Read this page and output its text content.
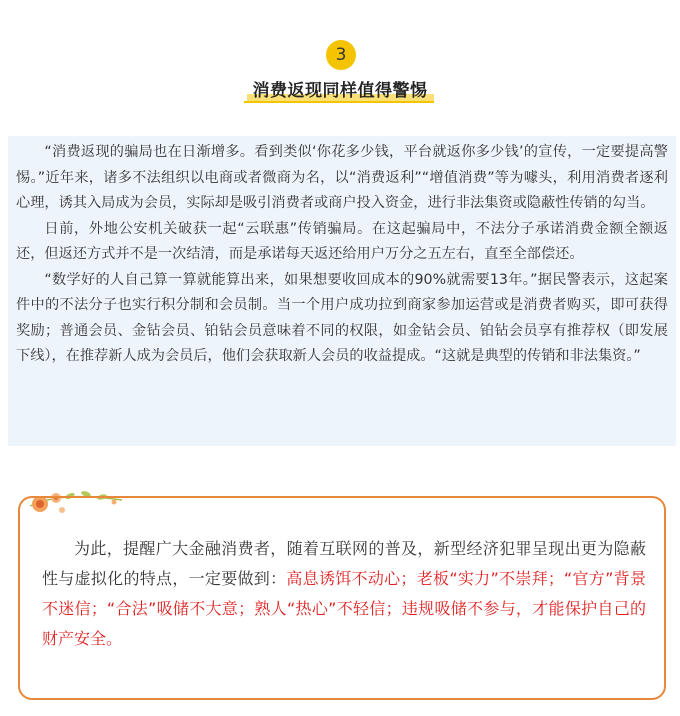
3
消费返现同样值得警惕

“消费返现的骗局也在日渐增多。看到类似‘你花多少钱，平台就返你多少钱’的宣传，一定要提高警惕。”近年来，诸多不法组织以电商或者微商为名，以“消费返利”“增值消费”等为噱头，利用消费者逐利心理，诱其入局成为会员，实际却是吸引消费者或商户投入资金，进行非法集资或隐蔽性传销的勾当。

日前，外地公安机关破获一起“云联惠”传销骗局。在这起骗局中，不法分子承诺消费金额全额返还，但返还方式并不是一次结清，而是承诺每天返还给用户万分之五左右，直至全部偿还。

“数学好的人自己算一算就能算出来，如果想要收回成本的90%就需要13年。”据民警表示，这起案件中的不法分子也实行积分制和会员制。当一个用户成功拉到商家参加运营或是消费者购买，即可获得奖励；普通会员、金钻会员、铂钻会员意味着不同的权限，如金钻会员、铂钻会员享有推荐权（即发展下线），在推荐新人成为会员后，他们会获取新人会员的收益提成。“这就是典型的传销和非法集资。”

为此，提醒广大金融消费者，随着互联网的普及，新型经济犯罪呈现出更为隐蔽性与虚拟化的特点，一定要做到：高息诱饵不动心；老板“实力”不崇拜；“官方”背景不迷信；“合法”吸储不大意；熟人“热心”不轻信；违规吸储不参与，才能保护自己的财产安全。
